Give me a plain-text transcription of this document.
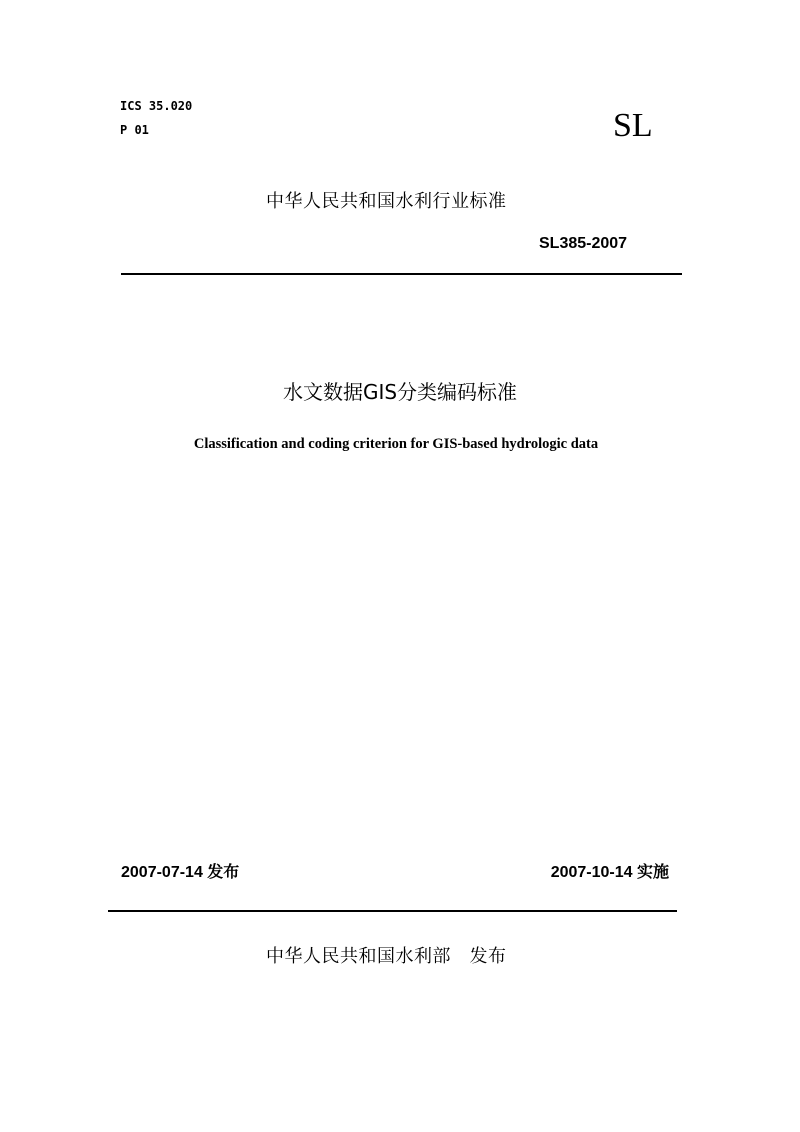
ICS 35.020
P 01	SL
中华人民共和国水利行业标准
SL385-2007
水文数据GIS分类编码标准
Classification and coding criterion for GIS-based hydrologic data
2007-07-14 发布	2007-10-14 实施
中华人民共和国水利部　发布
